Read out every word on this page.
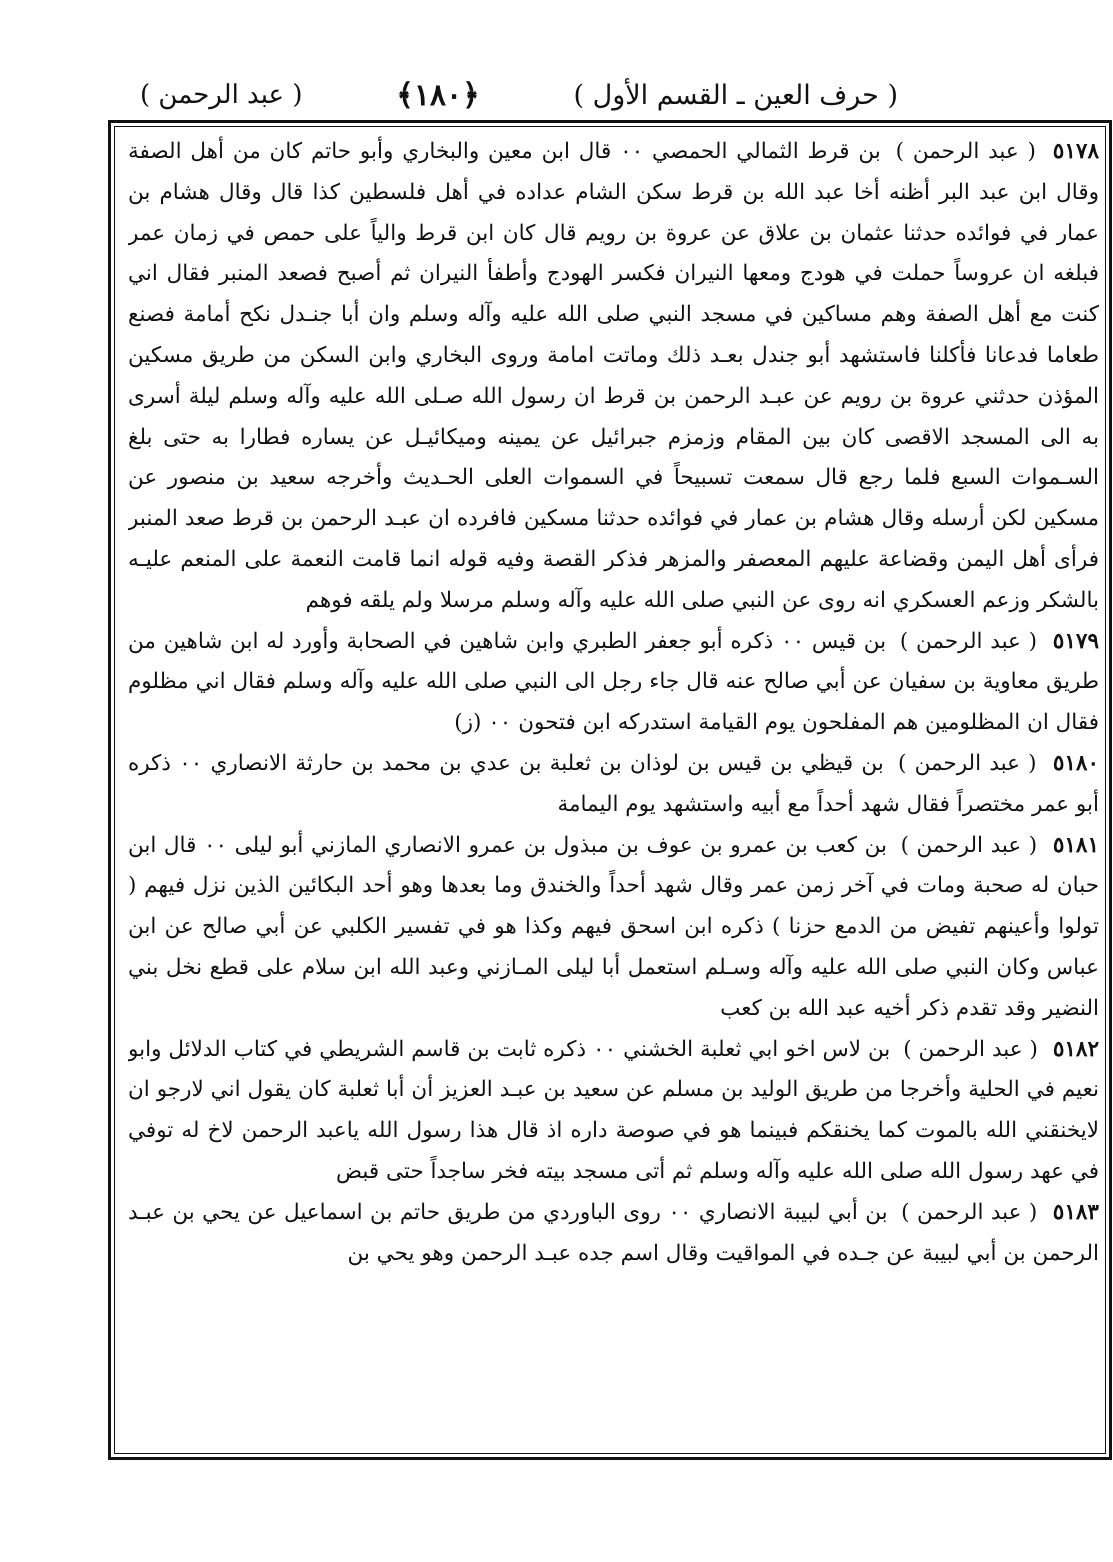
( حرف العين ـ القسم الأول )
﴿١٨٠﴾
( عبد الرحمن )

٥١٧٨ ( عبد الرحمن ) بن قرط الثمالي الحمصي ٠٠ قال ابن معين والبخاري وأبو حاتم كان من أهل الصفة وقال ابن عبد البر أظنه أخا عبد الله بن قرط سكن الشام عداده في أهل فلسطين كذا قال وقال هشام بن عمار في فوائده حدثنا عثمان بن علاق عن عروة بن رويم قال كان ابن قرط والياً على حمص في زمان عمر فبلغه ان عروساً حملت في هودج ومعها النيران فكسر الهودج وأطفأ النيران ثم أصبح فصعد المنبر فقال اني كنت مع أهل الصفة وهم مساكين في مسجد النبي صلى الله عليه وآله وسلم وان أبا جنـدل نكح أمامة فصنع طعاما فدعانا فأكلنا فاستشهد أبو جندل بعـد ذلك وماتت امامة وروى البخاري وابن السكن من طريق مسكين المؤذن حدثني عروة بن رويم عن عبـد الرحمن بن قرط ان رسول الله صـلى الله عليه وآله وسلم ليلة أسرى به الى المسجد الاقصى كان بين المقام وزمزم جبرائيل عن يمينه وميكائيـل عن يساره فطارا به حتى بلغ السـموات السبع فلما رجع قال سمعت تسبيحاً في السموات العلى الحـديث وأخرجه سعيد بن منصور عن مسكين لكن أرسله وقال هشام بن عمار في فوائده حدثنا مسكين فافرده ان عبـد الرحمن بن قرط صعد المنبر فرأى أهل اليمن وقضاعة عليهم المعصفر والمزهر فذكر القصة وفيه قوله انما قامت النعمة على المنعم عليـه بالشكر وزعم العسكري انه روى عن النبي صلى الله عليه وآله وسلم مرسلا ولم يلقه فوهم

٥١٧٩ ( عبد الرحمن ) بن قيس ٠٠ ذكره أبو جعفر الطبري وابن شاهين في الصحابة وأورد له ابن شاهين من طريق معاوية بن سفيان عن أبي صالح عنه قال جاء رجل الى النبي صلى الله عليه وآله وسلم فقال اني مظلوم فقال ان المظلومين هم المفلحون يوم القيامة استدركه ابن فتحون ٠٠ (ز)

٥١٨٠ ( عبد الرحمن ) بن قيظي بن قيس بن لوذان بن ثعلبة بن عدي بن محمد بن حارثة الانصاري ٠٠ ذكره أبو عمر مختصراً فقال شهد أحداً مع أبيه واستشهد يوم اليمامة

٥١٨١ ( عبد الرحمن ) بن كعب بن عمرو بن عوف بن مبذول بن عمرو الانصاري المازني أبو ليلى ٠٠ قال ابن حبان له صحبة ومات في آخر زمن عمر وقال شهد أحداً والخندق وما بعدها وهو أحد البكائين الذين نزل فيهم ( تولوا وأعينهم تفيض من الدمع حزنا ) ذكره ابن اسحق فيهم وكذا هو في تفسير الكلبي عن أبي صالح عن ابن عباس وكان النبي صلى الله عليه وآله وسـلم استعمل أبا ليلى المـازني وعبد الله ابن سلام على قطع نخل بني النضير وقد تقدم ذكر أخيه عبد الله بن كعب

٥١٨٢ ( عبد الرحمن ) بن لاس اخو ابي ثعلبة الخشني ٠٠ ذكره ثابت بن قاسم الشريطي في كتاب الدلائل وابو نعيم في الحلية وأخرجا من طريق الوليد بن مسلم عن سعيد بن عبـد العزيز أن أبا ثعلبة كان يقول اني لارجو ان لايخنقني الله بالموت كما يخنقكم فبينما هو في صوصة داره اذ قال هذا رسول الله ياعبد الرحمن لاخ له توفي في عهد رسول الله صلى الله عليه وآله وسلم ثم أتى مسجد بيته فخر ساجداً حتى قبض

٥١٨٣ ( عبد الرحمن ) بن أبي لبيبة الانصاري ٠٠ روى الباوردي من طريق حاتم بن اسماعيل عن يحي بن عبـد الرحمن بن أبي لبيبة عن جـده في المواقيت وقال اسم جده عبـد الرحمن وهو يحي بن
